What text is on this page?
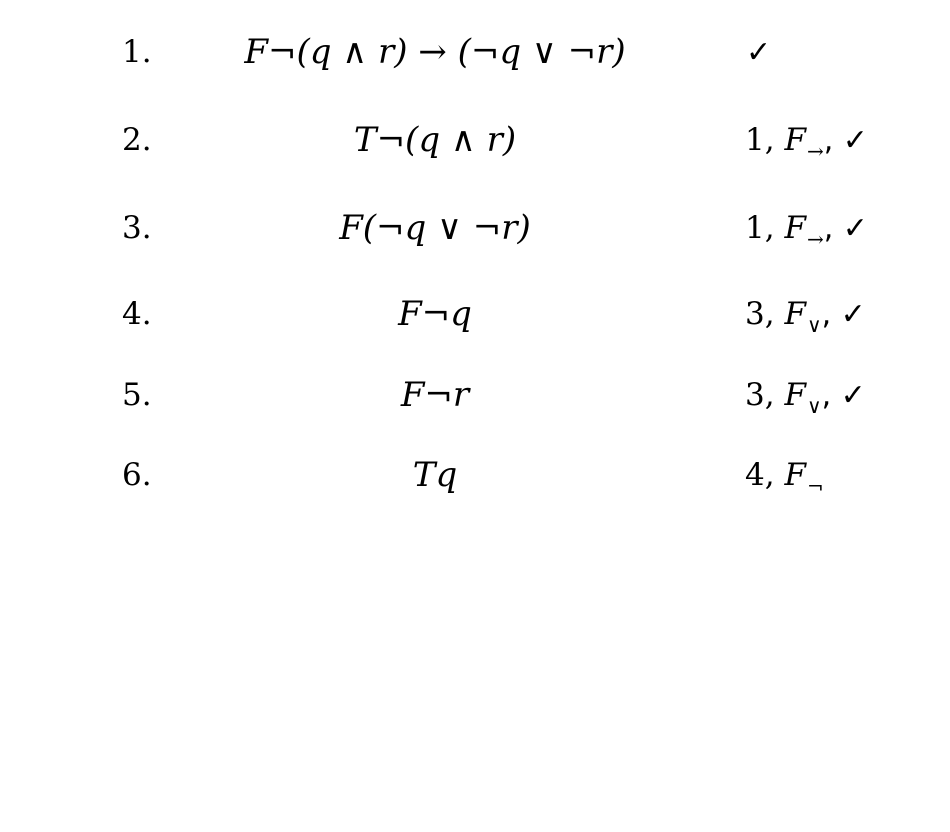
1.	F¬(q ∧ r) → (¬q ∨ ¬r)	✓
2.	T¬(q ∧ r)	1, $F_\to$, ✓
3.	F(¬q ∨ ¬r)	1, $F_\to$, ✓
4.	F¬q	3, $F_\vee$, ✓
5.	F¬r	3, $F_\vee$, ✓
6.	Tq	4, $F_\neg$
